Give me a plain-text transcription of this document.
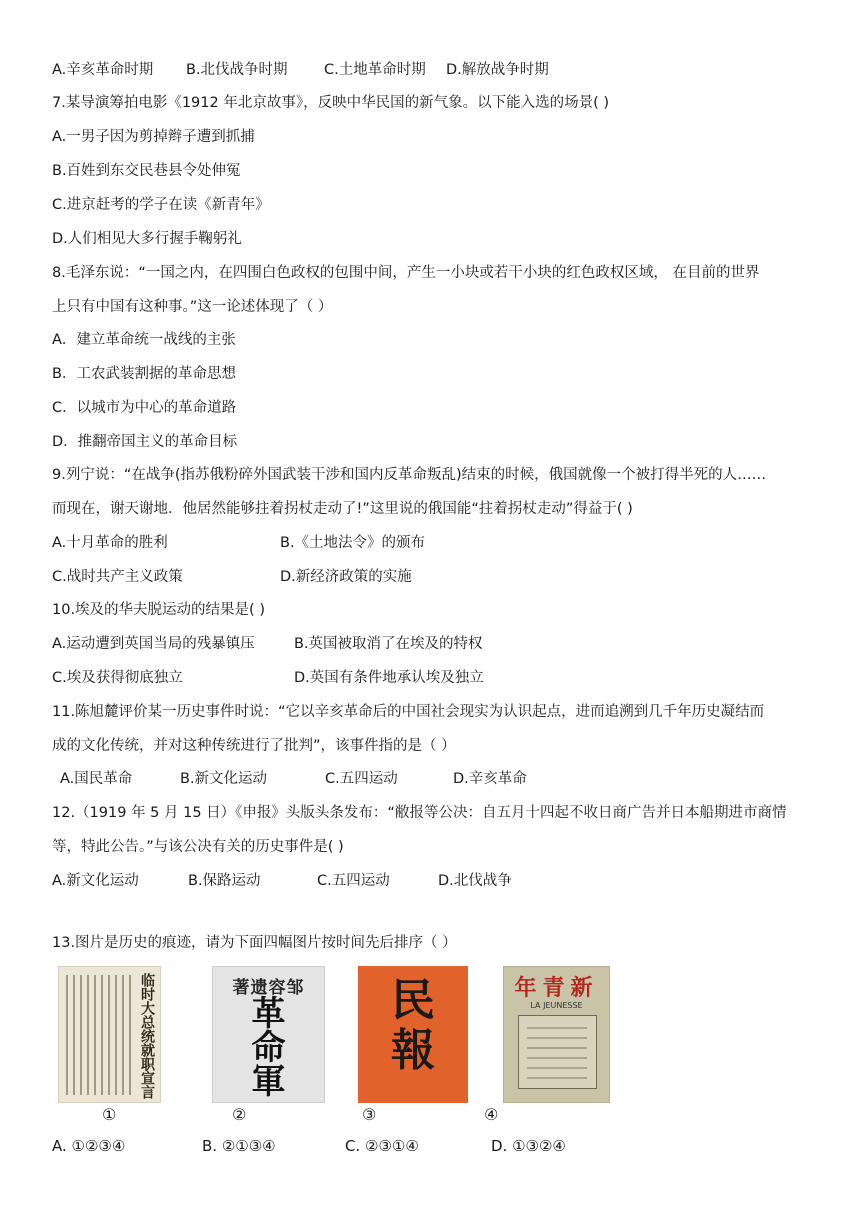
A.辛亥革命时期 B.北伐战争时期	C.土地革命时期 D.解放战争时期
7.某导演筹拍电影《1912 年北京故事》，反映中华民国的新气象。以下能入选的场景( )
A.一男子因为剪掉辫子遭到抓捕
B.百姓到东交民巷县令处伸冤
C.进京赶考的学子在读《新青年》
D.人们相见大多行握手鞠躬礼
8.毛泽东说：“一国之内，在四围白色政权的包围中间，产生一小块或若干小块的红色政权区域， 在目前的世界
上只有中国有这种事。”这一论述体现了（ ）
A．建立革命统一战线的主张
B．工农武装割据的革命思想
C．以城市为中心的革命道路
D．推翻帝国主义的革命目标
9.列宁说：“在战争(指苏俄粉碎外国武装干涉和国内反革命叛乱)结束的时候，俄国就像一个被打得半死的人……
而现在，谢天谢地．他居然能够拄着拐杖走动了!”这里说的俄国能“拄着拐杖走动”得益于( )
A.十月革命的胜利	B.《土地法令》的颁布
C.战时共产主义政策	D.新经济政策的实施
10.埃及的华夫脱运动的结果是( )
A.运动遭到英国当局的残暴镇压	B.英国被取消了在埃及的特权
C.埃及获得彻底独立	D.英国有条件地承认埃及独立
11.陈旭麓评价某一历史事件时说：“它以辛亥革命后的中国社会现实为认识起点，进而追溯到几千年历史凝结而
成的文化传统，并对这种传统进行了批判”，该事件指的是（ ）
A.国民革命	B.新文化运动	C.五四运动	D.辛亥革命
12.（1919 年 5 月 15 日）《申报》头版头条发布：“敝报等公决：自五月十四起不收日商广告并日本船期进市商情
等，特此公告。”与该公决有关的历史事件是( )
A.新文化运动	B.保路运动	C.五四运动	D.北伐战争
13.图片是历史的痕迹，请为下面四幅图片按时间先后排序（ ）
临时大总统就职宣言
①
著遗容邹
革
命
軍
②
民
報
③
年青新
LA JEUNESSE
④
A. ①②③④	B. ②①③④	C. ②③①④	D. ①③②④
